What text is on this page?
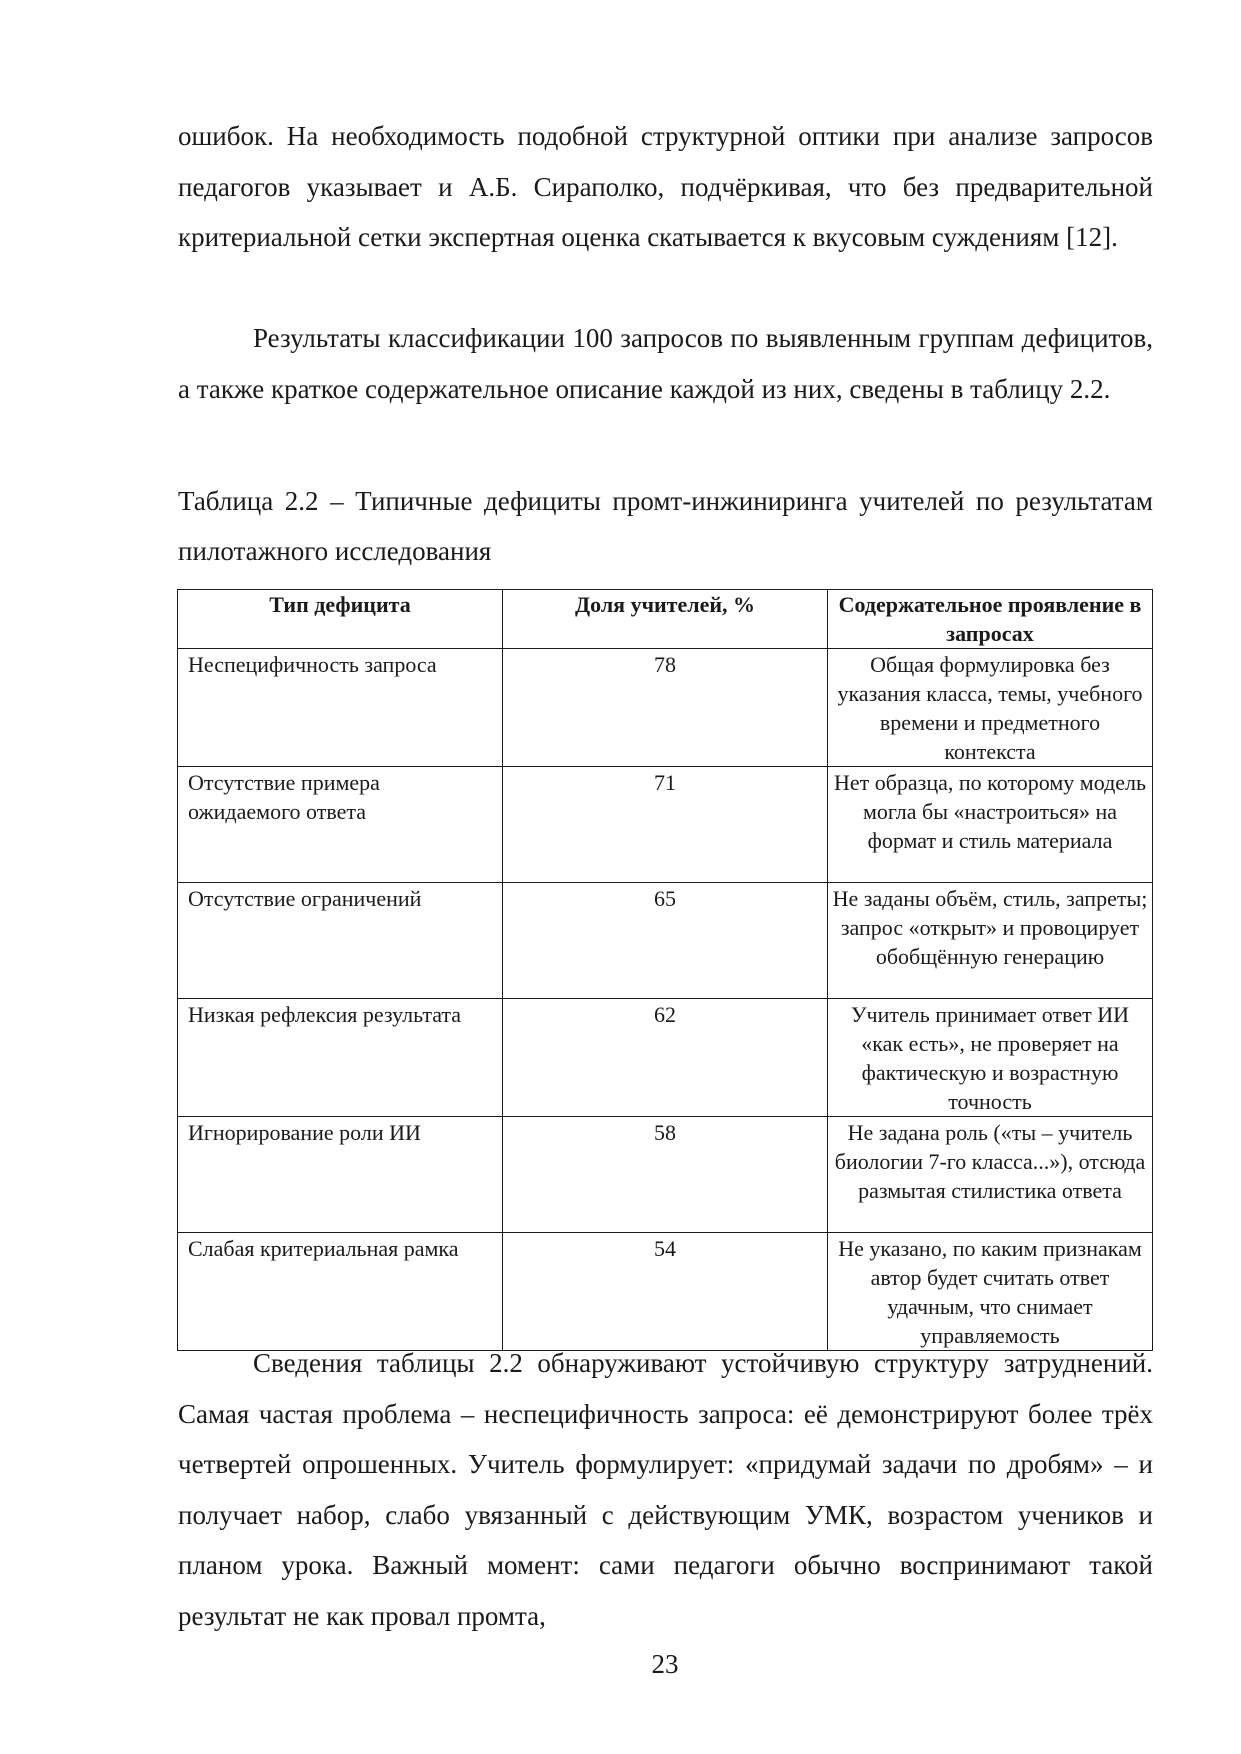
ошибок. На необходимость подобной структурной оптики при анализе запросов педагогов указывает и А.Б. Сираполко, подчёркивая, что без предварительной критериальной сетки экспертная оценка скатывается к вкусовым суждениям [12].

Результаты классификации 100 запросов по выявленным группам дефицитов, а также краткое содержательное описание каждой из них, сведены в таблицу 2.2.

Таблица 2.2 – Типичные дефициты промт-инжиниринга учителей по результатам пилотажного исследования

Тип дефицита	Доля учителей, %	Содержательное проявление в запросах
Неспецифичность запроса	78	Общая формулировка без указания класса, темы, учебного времени и предметного контекста
Отсутствие примера ожидаемого ответа	71	Нет образца, по которому модель могла бы «настроиться» на формат и стиль материала
Отсутствие ограничений	65	Не заданы объём, стиль, запреты; запрос «открыт» и провоцирует обобщённую генерацию
Низкая рефлексия результата	62	Учитель принимает ответ ИИ «как есть», не проверяет на фактическую и возрастную точность
Игнорирование роли ИИ	58	Не задана роль («ты – учитель биологии 7-го класса...»), отсюда размытая стилистика ответа
Слабая критериальная рамка	54	Не указано, по каким признакам автор будет считать ответ удачным, что снимает управляемость

Сведения таблицы 2.2 обнаруживают устойчивую структуру затруднений. Самая частая проблема – неспецифичность запроса: её демонстрируют более трёх четвертей опрошенных. Учитель формулирует: «придумай задачи по дробям» – и получает набор, слабо увязанный с действующим УМК, возрастом учеников и планом урока. Важный момент: сами педагоги обычно воспринимают такой результат не как провал промта,

23
